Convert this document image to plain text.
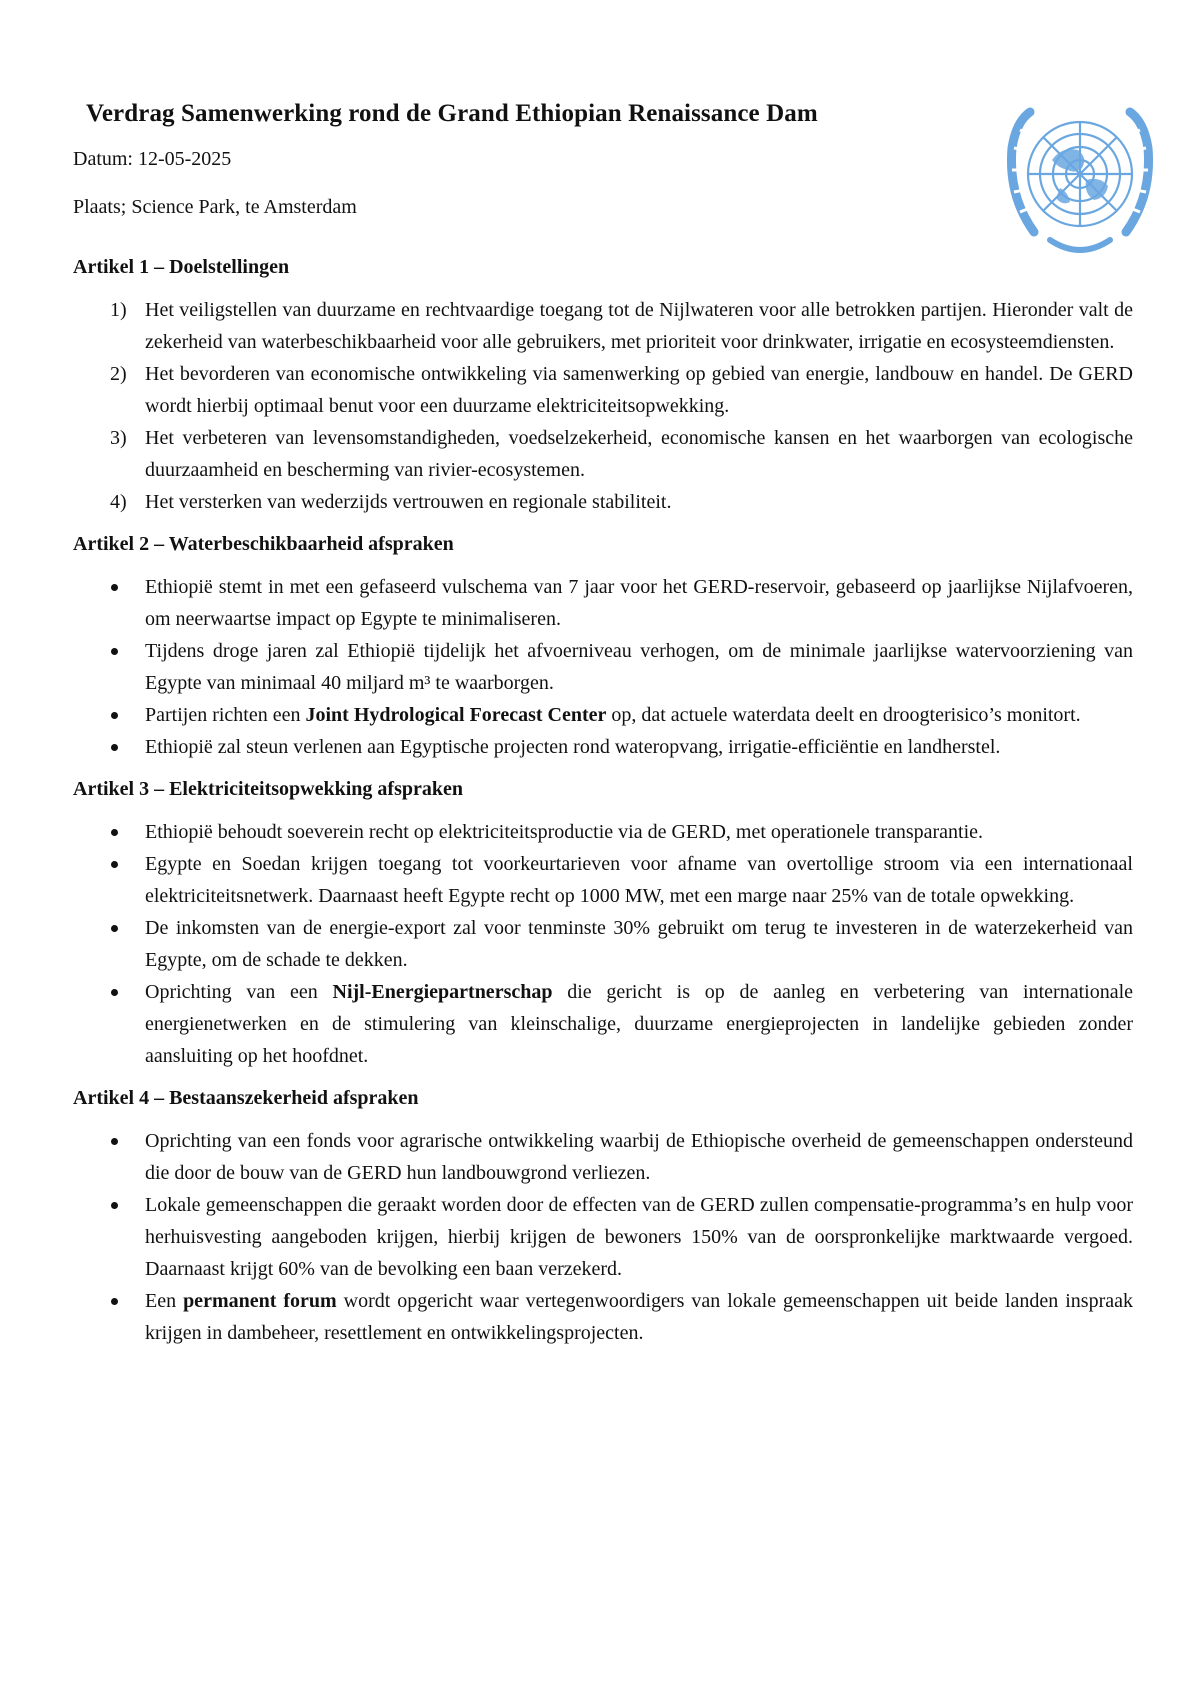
Verdrag Samenwerking rond de Grand Ethiopian Renaissance Dam
Datum: 12-05-2025
Plaats; Science Park, te Amsterdam
Artikel 1 – Doelstellingen
1) Het veiligstellen van duurzame en rechtvaardige toegang tot de Nijlwateren voor alle betrokken partijen. Hieronder valt de zekerheid van waterbeschikbaarheid voor alle gebruikers, met prioriteit voor drinkwater, irrigatie en ecosysteemdiensten.
2) Het bevorderen van economische ontwikkeling via samenwerking op gebied van energie, landbouw en handel. De GERD wordt hierbij optimaal benut voor een duurzame elektriciteitsopwekking.
3) Het verbeteren van levensomstandigheden, voedselzekerheid, economische kansen en het waarborgen van ecologische duurzaamheid en bescherming van rivier-ecosystemen.
4) Het versterken van wederzijds vertrouwen en regionale stabiliteit.
Artikel 2 – Waterbeschikbaarheid afspraken
Ethiopië stemt in met een gefaseerd vulschema van 7 jaar voor het GERD-reservoir, gebaseerd op jaarlijkse Nijlafvoeren, om neerwaartse impact op Egypte te minimaliseren.
Tijdens droge jaren zal Ethiopië tijdelijk het afvoerniveau verhogen, om de minimale jaarlijkse watervoorziening van Egypte van minimaal 40 miljard m³ te waarborgen.
Partijen richten een Joint Hydrological Forecast Center op, dat actuele waterdata deelt en droogterisico’s monitort.
Ethiopië zal steun verlenen aan Egyptische projecten rond wateropvang, irrigatie-efficiëntie en landherstel.
Artikel 3 – Elektriciteitsopwekking afspraken
Ethiopië behoudt soeverein recht op elektriciteitsproductie via de GERD, met operationele transparantie.
Egypte en Soedan krijgen toegang tot voorkeurtarieven voor afname van overtollige stroom via een internationaal elektriciteitsnetwerk. Daarnaast heeft Egypte recht op 1000 MW, met een marge naar 25% van de totale opwekking.
De inkomsten van de energie-export zal voor tenminste 30% gebruikt om terug te investeren in de waterzekerheid van Egypte, om de schade te dekken.
Oprichting van een Nijl-Energiepartnerschap die gericht is op de aanleg en verbetering van internationale energienetwerken en de stimulering van kleinschalige, duurzame energieprojecten in landelijke gebieden zonder aansluiting op het hoofdnet.
Artikel 4 – Bestaanszekerheid afspraken
Oprichting van een fonds voor agrarische ontwikkeling waarbij de Ethiopische overheid de gemeenschappen ondersteund die door de bouw van de GERD hun landbouwgrond verliezen.
Lokale gemeenschappen die geraakt worden door de effecten van de GERD zullen compensatie-programma’s en hulp voor herhuisvesting aangeboden krijgen, hierbij krijgen de bewoners 150% van de oorspronkelijke marktwaarde vergoed. Daarnaast krijgt 60% van de bevolking een baan verzekerd.
Een permanent forum wordt opgericht waar vertegenwoordigers van lokale gemeenschappen uit beide landen inspraak krijgen in dambeheer, resettlement en ontwikkelingsprojecten.
